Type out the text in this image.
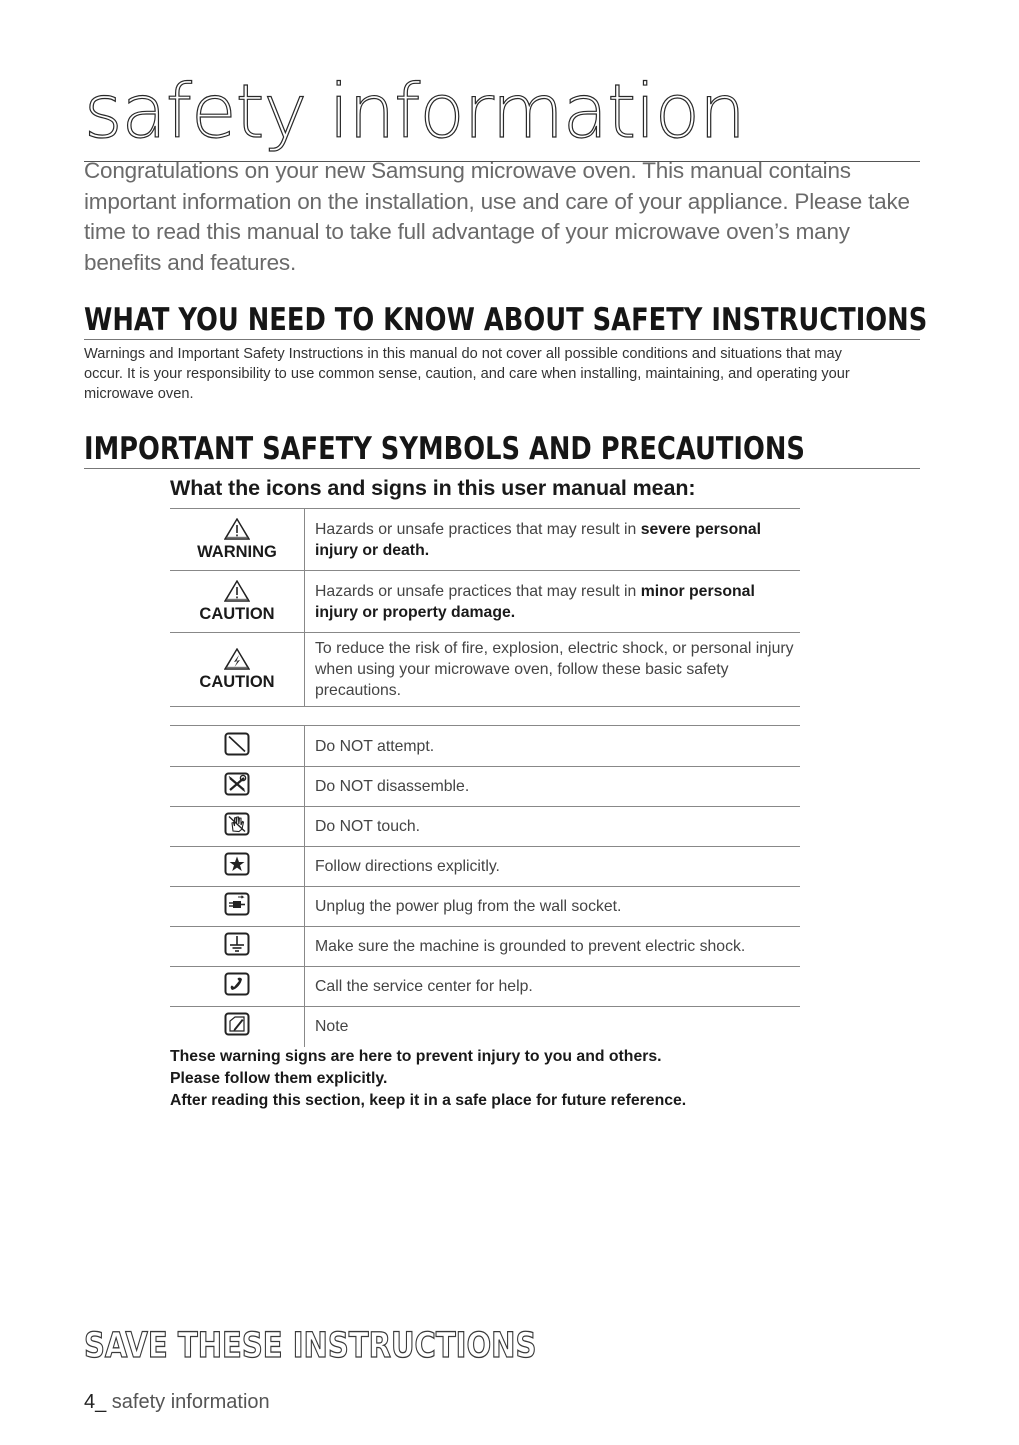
safety information
Congratulations on your new Samsung microwave oven. This manual contains important information on the installation, use and care of your appliance. Please take time to read this manual to take full advantage of your microwave oven’s many benefits and features.
WHAT YOU NEED TO KNOW ABOUT SAFETY INSTRUCTIONS
Warnings and Important Safety Instructions in this manual do not cover all possible conditions and situations that may occur. It is your responsibility to use common sense, caution, and care when installing, maintaining, and operating your microwave oven.
IMPORTANT SAFETY SYMBOLS AND PRECAUTIONS
What the icons and signs in this user manual mean:
WARNING	Hazards or unsafe practices that may result in severe personal injury or death.

CAUTION	Hazards or unsafe practices that may result in minor personal injury or property damage.

CAUTION	To reduce the risk of fire, explosion, electric shock, or personal injury when using your microwave oven, follow these basic safety precautions.
	Do NOT attempt.
	Do NOT disassemble.
	Do NOT touch.
	Follow directions explicitly.
	Unplug the power plug from the wall socket.
	Make sure the machine is grounded to prevent electric shock.
	Call the service center for help.
	Note
These warning signs are here to prevent injury to you and others.
Please follow them explicitly.
After reading this section, keep it in a safe place for future reference.
SAVE THESE INSTRUCTIONS
4_ safety information
